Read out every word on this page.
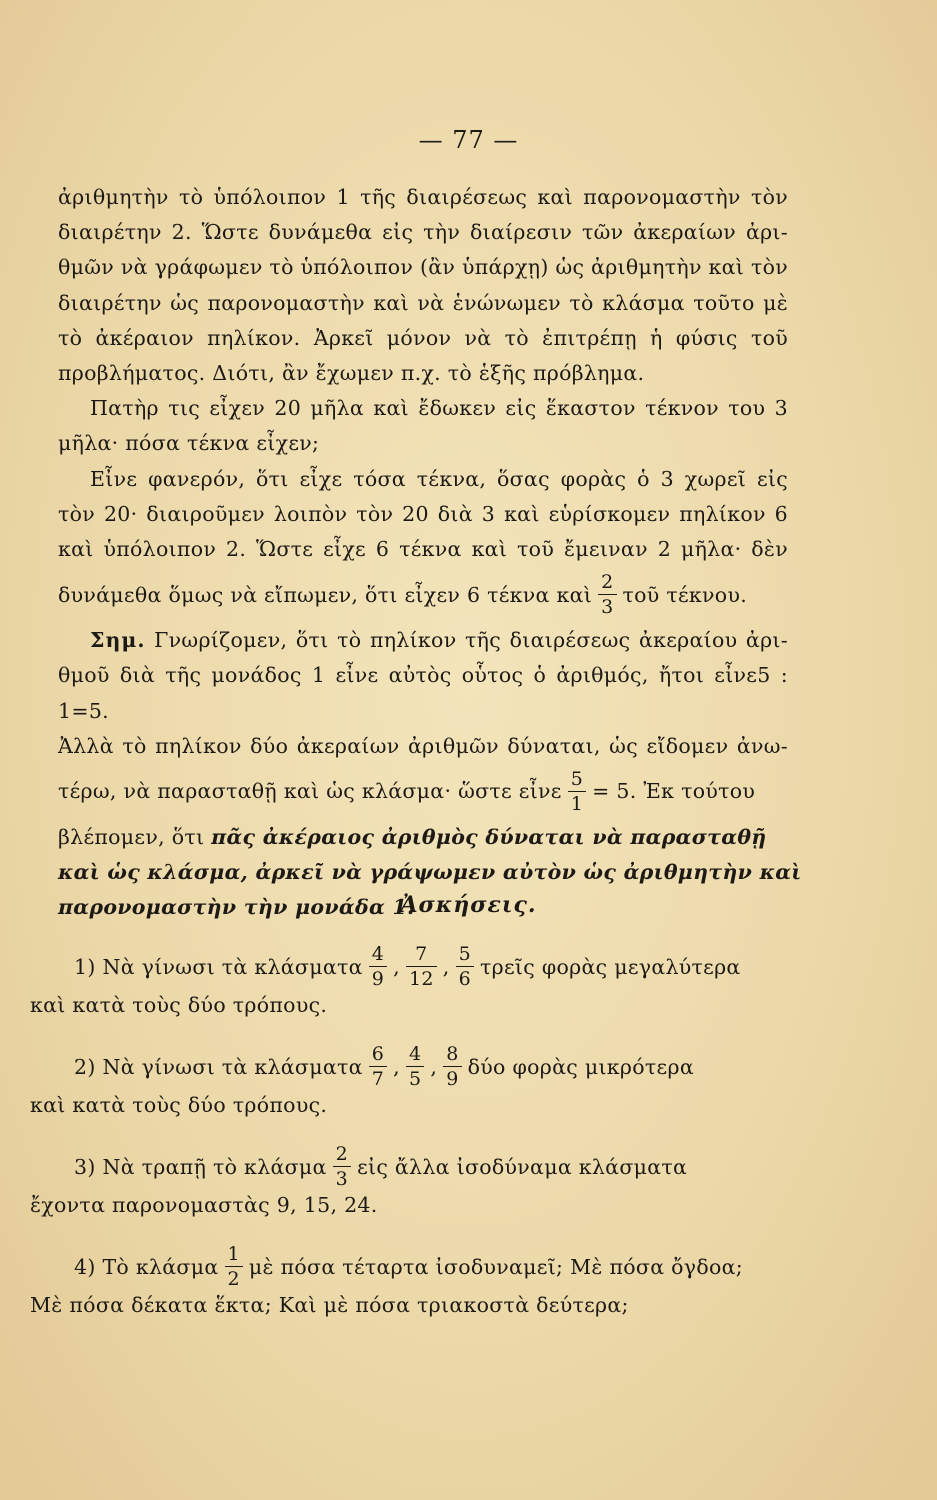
— 77 —
ἀριθμητὴν τὸ ὑπόλοιπον 1 τῆς διαιρέσεως καὶ παρονομαστὴν τὸν
διαιρέτην 2. Ὥστε δυνάμεθα εἰς τὴν διαίρεσιν τῶν ἀκεραίων ἀρι-
θμῶν νὰ γράφωμεν τὸ ὑπόλοιπον (ἂν ὑπάρχῃ) ὡς ἀριθμητὴν καὶ τὸν
διαιρέτην ὡς παρονομαστὴν καὶ νὰ ἑνώνωμεν τὸ κλάσμα τοῦτο μὲ
τὸ ἀκέραιον πηλίκον. Ἀρκεῖ μόνον νὰ τὸ ἐπιτρέπῃ ἡ φύσις τοῦ
προβλήματος. Διότι, ἂν ἔχωμεν π.χ. τὸ ἑξῆς πρόβλημα.
Πατὴρ τις εἶχεν 20 μῆλα καὶ ἔδωκεν εἰς ἕκαστον τέκνον του 3
μῆλα· πόσα τέκνα εἶχεν;
Εἶνε φανερόν, ὅτι εἶχε τόσα τέκνα, ὅσας φορὰς ὁ 3 χωρεῖ εἰς
τὸν 20· διαιροῦμεν λοιπὸν τὸν 20 διὰ 3 καὶ εὑρίσκομεν πηλίκον 6
καὶ ὑπόλοιπον 2. Ὥστε εἶχε 6 τέκνα καὶ τοῦ ἔμειναν 2 μῆλα· δὲν
δυνάμεθα ὅμως νὰ εἴπωμεν, ὅτι εἶχεν 6 τέκνα καὶ $\frac{2}{3}$ τοῦ τέκνου.
Σημ. Γνωρίζομεν, ὅτι τὸ πηλίκον τῆς διαιρέσεως ἀκεραίου ἀρι-
θμοῦ διὰ τῆς μονάδος 1 εἶνε αὐτὸς οὗτος ὁ ἀριθμός, ἤτοι εἶνε5 : 1=5.
Ἀλλὰ τὸ πηλίκον δύο ἀκεραίων ἀριθμῶν δύναται, ὡς εἴδομεν ἀνω-
τέρω, νὰ παρασταθῇ καὶ ὡς κλάσμα· ὥστε εἶνε $\frac{5}{1} = 5$. Ἐκ τούτου
βλέπομεν, ὅτι πᾶς ἀκέραιος ἀριθμὸς δύναται νὰ παρασταθῇ
καὶ ὡς κλάσμα, ἀρκεῖ νὰ γράψωμεν αὐτὸν ὡς ἀριθμητὴν καὶ
παρονομαστὴν τὴν μονάδα 1.
Ἀσκήσεις.
1) Νὰ γίνωσι τὰ κλάσματα $\frac{4}{9}$ , $\frac{7}{12}$ , $\frac{5}{6}$ τρεῖς φορὰς μεγαλύτερα
καὶ κατὰ τοὺς δύο τρόπους.
2) Νὰ γίνωσι τὰ κλάσματα $\frac{6}{7}$ , $\frac{4}{5}$ , $\frac{8}{9}$ δύο φορὰς μικρότερα
καὶ κατὰ τοὺς δύο τρόπους.
3) Νὰ τραπῇ τὸ κλάσμα $\frac{2}{3}$ εἰς ἄλλα ἰσοδύναμα κλάσματα
ἔχοντα παρονομαστὰς 9, 15, 24.
4) Τὸ κλάσμα $\frac{1}{2}$ μὲ πόσα τέταρτα ἰσοδυναμεῖ; Μὲ πόσα ὄγδοα;
Μὲ πόσα δέκατα ἕκτα; Καὶ μὲ πόσα τριακοστὰ δεύτερα;
